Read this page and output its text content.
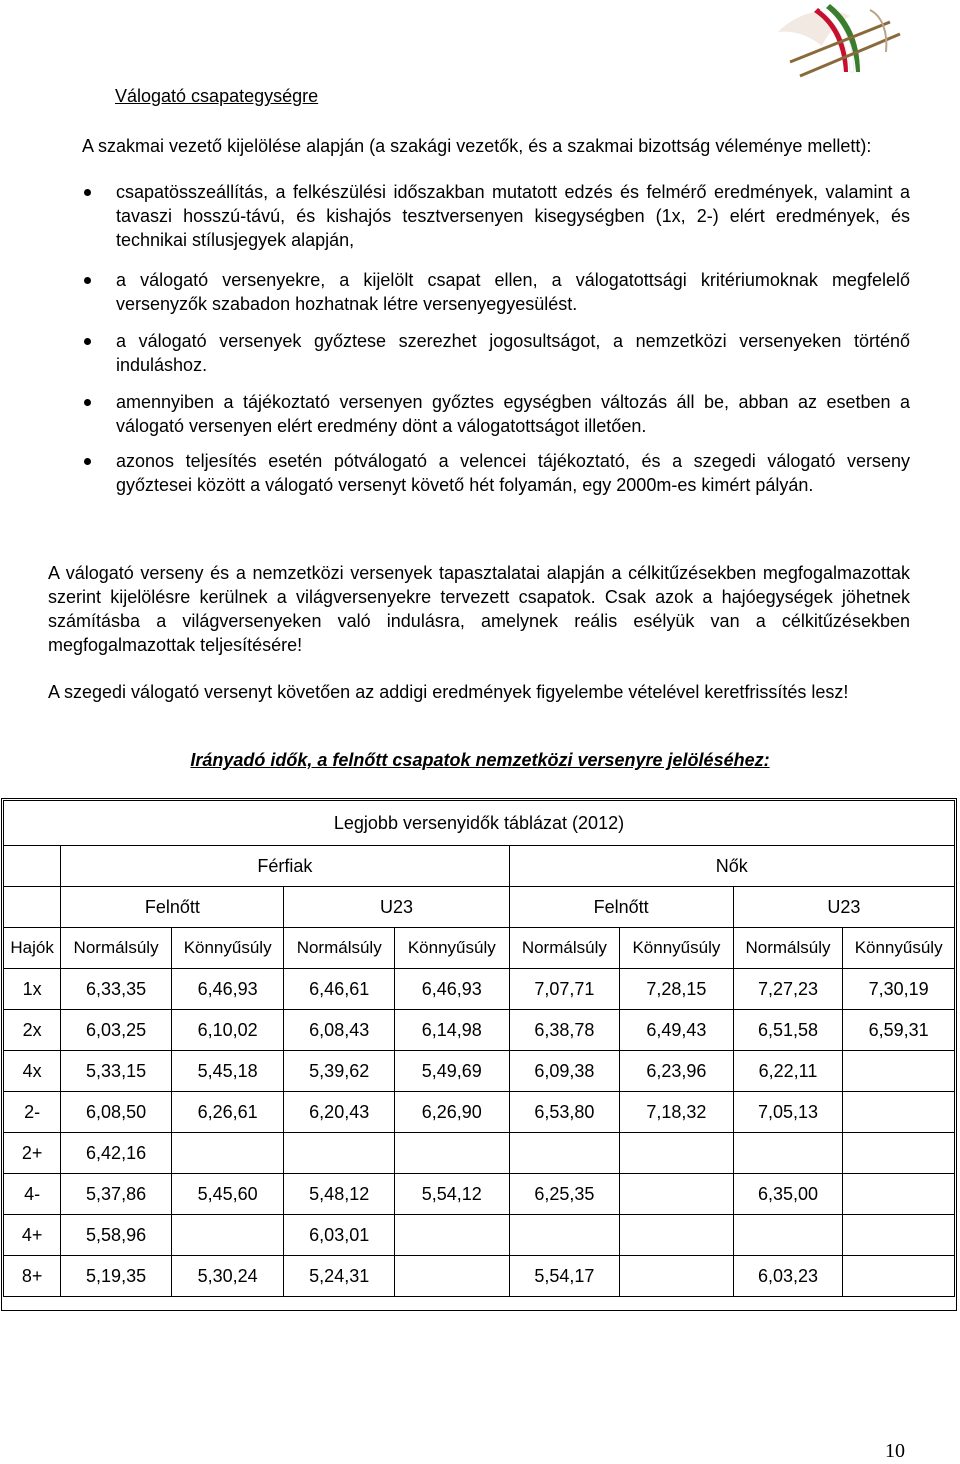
Válogató csapategységre

A szakmai vezető kijelölése alapján (a szakági vezetők, és a szakmai bizottság véleménye mellett):

csapatösszeállítás, a felkészülési időszakban mutatott edzés és felmérő eredmények, valamint a tavaszi hosszú-távú, és kishajós tesztversenyen kisegységben (1x, 2-) elért eredmények, és technikai stílusjegyek alapján,
a válogató versenyekre, a kijelölt csapat ellen, a válogatottsági kritériumoknak megfelelő versenyzők szabadon hozhatnak létre versenyegyesülést.
a válogató versenyek győztese szerezhet jogosultságot, a nemzetközi versenyeken történő induláshoz.
amennyiben a tájékoztató versenyen győztes egységben változás áll be, abban az esetben a válogató versenyen elért eredmény dönt a válogatottságot illetően.
azonos teljesítés esetén pótválogató a velencei tájékoztató, és a szegedi válogató verseny győztesei között a válogató versenyt követő hét folyamán, egy 2000m-es kimért pályán.

A válogató verseny és a nemzetközi versenyek tapasztalatai alapján a célkitűzésekben megfogalmazottak szerint kijelölésre kerülnek a világversenyekre tervezett csapatok. Csak azok a hajóegységek jöhetnek számításba a világversenyeken való indulásra, amelynek reális esélyük van a célkitűzésekben megfogalmazottak teljesítésére!

A szegedi válogató versenyt követően az addigi eredmények figyelembe vételével keretfrissítés lesz!

Irányadó idők, a felnőtt csapatok nemzetközi versenyre jelöléséhez:

Legjobb versenyidők táblázat (2012)								
	Férfiak				Nők			
	Felnőtt		U23		Felnőtt		U23	
Hajók	Normálsúly	Könnyűsúly	Normálsúly	Könnyűsúly	Normálsúly	Könnyűsúly	Normálsúly	Könnyűsúly
1x	6,33,35	6,46,93	6,46,61	6,46,93	7,07,71	7,28,15	7,27,23	7,30,19
2x	6,03,25	6,10,02	6,08,43	6,14,98	6,38,78	6,49,43	6,51,58	6,59,31
4x	5,33,15	5,45,18	5,39,62	5,49,69	6,09,38	6,23,96	6,22,11	
2-	6,08,50	6,26,61	6,20,43	6,26,90	6,53,80	7,18,32	7,05,13	
2+	6,42,16							
4-	5,37,86	5,45,60	5,48,12	5,54,12	6,25,35		6,35,00	
4+	5,58,96		6,03,01					
8+	5,19,35	5,30,24	5,24,31		5,54,17		6,03,23	
10
